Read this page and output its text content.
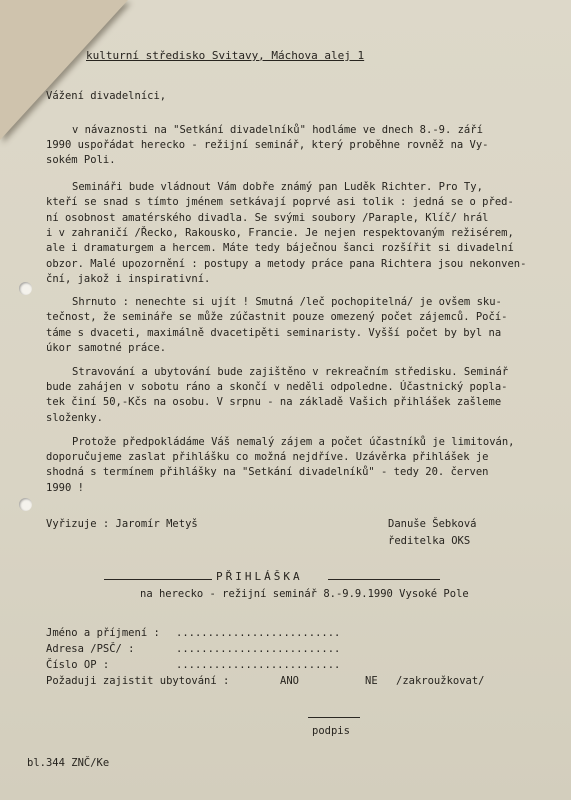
kulturní středisko Svitavy, Máchova alej 1
Vážení divadelníci,
v návaznosti na "Setkání divadelníků" hodláme ve dnech 8.-9. září
1990 uspořádat herecko - režijní seminář, který proběhne rovněž na Vy-
sokém Poli.
Semináři bude vládnout Vám dobře známý pan Luděk Richter. Pro Ty,
kteří se snad s tímto jménem setkávají poprvé asi tolik : jedná se o před-
ní osobnost amatérského divadla. Se svými soubory /Paraple, Klíč/ hrál
i v zahraničí /Řecko, Rakousko, Francie. Je nejen respektovaným režisérem,
ale i dramaturgem a hercem. Máte tedy báječnou šanci rozšířit si divadelní
obzor. Malé upozornění : postupy a metody práce pana Richtera jsou nekonven-
ční, jakož i inspirativní.
Shrnuto : nenechte si ujít ! Smutná /leč pochopitelná/ je ovšem sku-
tečnost, že semináře se může zúčastnit pouze omezený počet zájemců. Počí-
táme s dvaceti, maximálně dvacetipěti seminaristy. Vyšší počet by byl na
úkor samotné práce.
Stravování a ubytování bude zajištěno v rekreačním středisku. Seminář
bude zahájen v sobotu ráno a skončí v neděli odpoledne. Účastnický popla-
tek činí 50,-Kčs na osobu. V srpnu - na základě Vašich přihlášek zašleme
složenky.
Protože předpokládáme Váš nemalý zájem a počet účastníků je limitován,
doporučujeme zaslat přihlášku co možná nejdříve. Uzávěrka přihlášek je
shodná s termínem přihlášky na "Setkání divadelníků" - tedy 20. červen
1990 !
Vyřizuje : Jaromír Metyš	Danuše Šebková
ředitelka OKS
PŘIHLÁŠKA
na herecko - režijní seminář 8.-9.9.1990 Vysoké Pole
Jméno a příjmení : ..........................
Adresa /PSČ/ :	..........................
Číslo OP :	..........................
Požaduji zajistit ubytování :	ANO	NE /zakroužkovat/
podpis
bl.344 ZNČ/Ke
